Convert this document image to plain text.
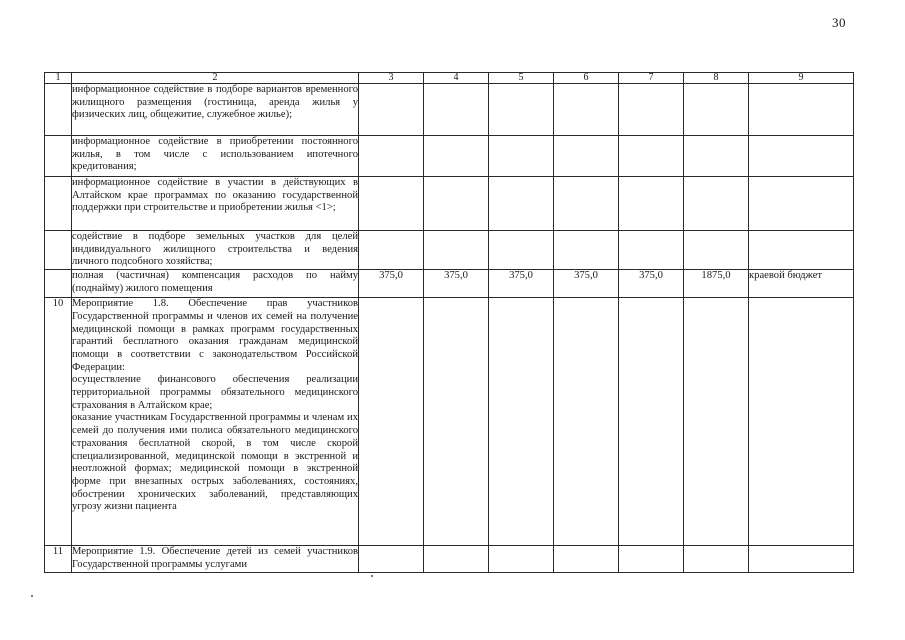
30
1	2	3	4	5	6	7	8	9

	информационное содействие в подборе вариантов временного жилищного размещения (гостиница, аренда жилья у физических лиц, общежитие, служебное жилье);							

	информационное содействие в приобретении постоянного жилья, в том числе с использованием ипотечного кредитования;							

	информационное содействие в участии в действующих в Алтайском крае программах по оказанию государственной поддержки при строительстве и приобретении жилья <1>;							

	содействие в подборе земельных участков для целей индивидуального жилищного строительства и ведения личного подсобного хозяйства;							

	полная (частичная) компенсация расходов по найму (поднайму) жилого помещения	375,0	375,0	375,0	375,0	375,0	1875,0	краевой бюджет
10	Мероприятие 1.8. Обеспечение прав участников Государственной программы и членов их семей на получение медицинской помощи в рамках программ государственных гарантий бесплатного оказания гражданам медицинской помощи в соответствии с законодательством Российской Федерации:
осуществление финансового обеспечения реализации территориальной программы обязательного медицинского страхования в Алтайском крае;
оказание участникам Государственной программы и членам их семей до получения ими полиса обязательного медицинского страхования бесплатной скорой, в том числе скорой специализированной, медицинской помощи в экстренной и неотложной формах; медицинской помощи в экстренной форме при внезапных острых заболеваниях, состояниях, обострении хронических заболеваний, представляющих угрозу жизни пациента							

11	Мероприятие 1.9. Обеспечение детей из семей участников Государственной программы услугами							
